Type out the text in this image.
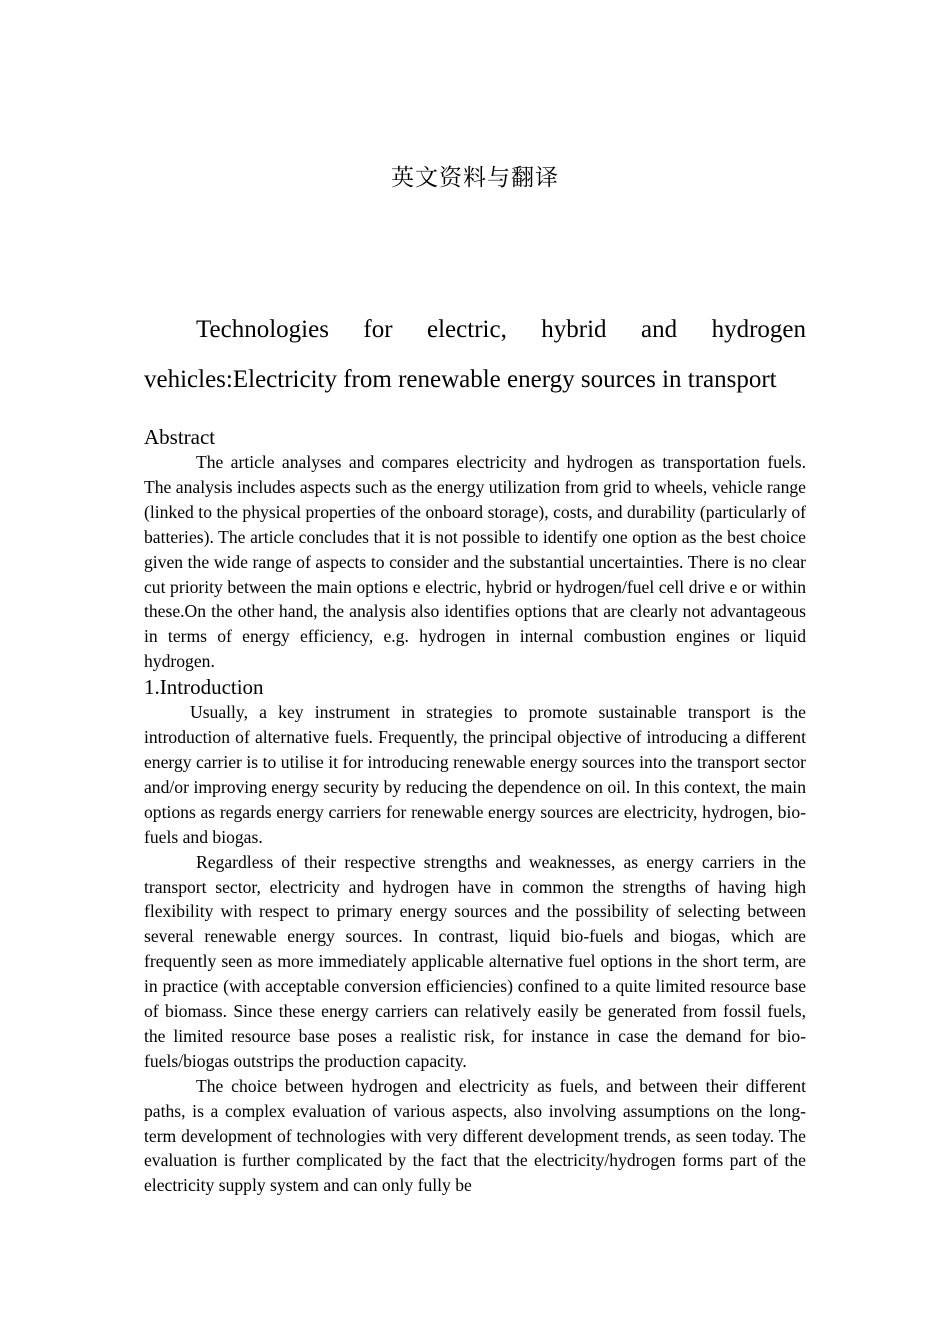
英文资料与翻译
Technologies for electric, hybrid and hydrogen
vehicles:Electricity from renewable energy sources in transport
Abstract

The article analyses and compares electricity and hydrogen as transportation fuels. The analysis includes aspects such as the energy utilization from grid to wheels, vehicle range (linked to the physical properties of the onboard storage), costs, and durability (particularly of batteries). The article concludes that it is not possible to identify one option as the best choice given the wide range of aspects to consider and the substantial uncertainties. There is no clear cut priority between the main options e electric, hybrid or hydrogen/fuel cell drive e or within these.On the other hand, the analysis also identifies options that are clearly not advantageous in terms of energy efficiency, e.g. hydrogen in internal combustion engines or liquid hydrogen.

1.Introduction

Usually, a key instrument in strategies to promote sustainable transport is the introduction of alternative fuels. Frequently, the principal objective of introducing a different energy carrier is to utilise it for introducing renewable energy sources into the transport sector and/or improving energy security by reducing the dependence on oil. In this context, the main options as regards energy carriers for renewable energy sources are electricity, hydrogen, bio-fuels and biogas.

Regardless of their respective strengths and weaknesses, as energy carriers in the transport sector, electricity and hydrogen have in common the strengths of having high flexibility with respect to primary energy sources and the possibility of selecting between several renewable energy sources. In contrast, liquid bio-fuels and biogas, which are frequently seen as more immediately applicable alternative fuel options in the short term, are in practice (with acceptable conversion efficiencies) confined to a quite limited resource base of biomass. Since these energy carriers can relatively easily be generated from fossil fuels, the limited resource base poses a realistic risk, for instance in case the demand for bio-fuels/biogas outstrips the production capacity.

The choice between hydrogen and electricity as fuels, and between their different paths, is a complex evaluation of various aspects, also involving assumptions on the long-term development of technologies with very different development trends, as seen today. The evaluation is further complicated by the fact that the electricity/hydrogen forms part of the electricity supply system and can only fully be
